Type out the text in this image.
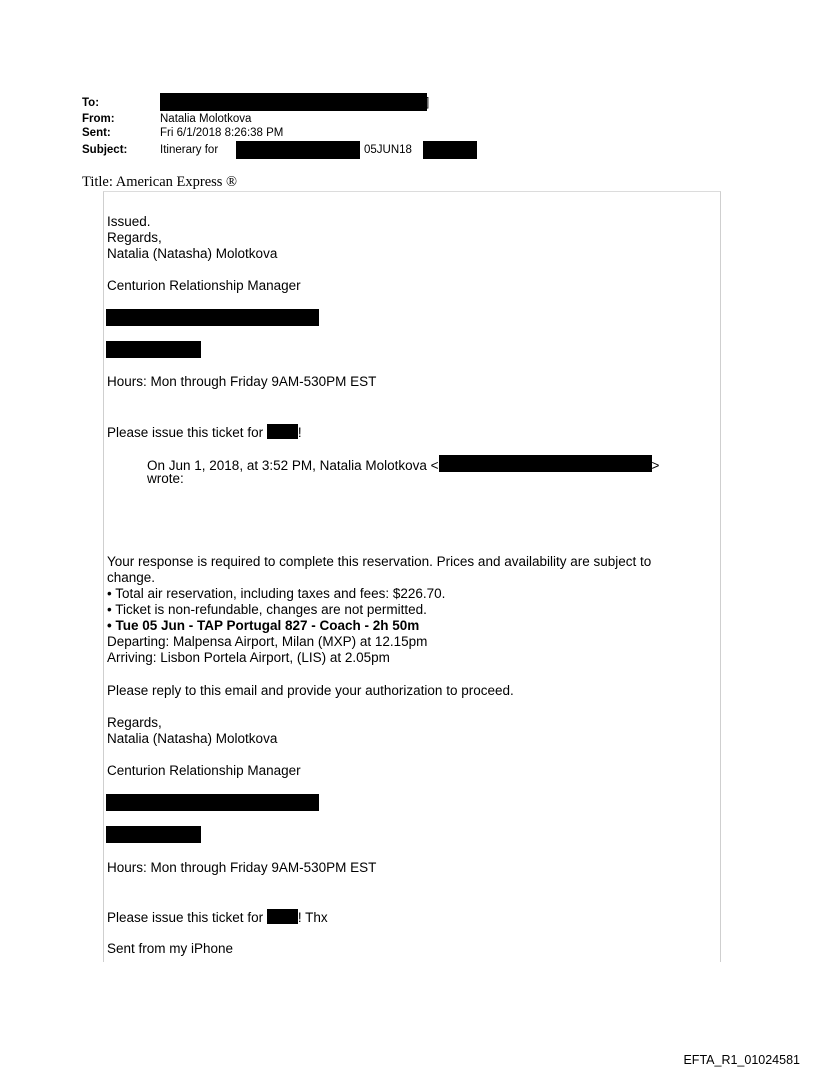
To:	]
From:	Natalia Molotkova
Sent:	Fri 6/1/2018 8:26:38 PM
Subject:	Itinerary for	05JUN18
Title: American Express ®
Issued.
Regards,
Natalia (Natasha) Molotkova
Centurion Relationship Manager
Hours: Mon through Friday 9AM-530PM EST
Please issue this ticket for !
On Jun 1, 2018, at 3:52 PM, Natalia Molotkova <	>
wrote:
Your response is required to complete this reservation. Prices and availability are subject to
change.
• Total air reservation, including taxes and fees: $226.70.
• Ticket is non-refundable, changes are not permitted.
• Tue 05 Jun - TAP Portugal 827 - Coach - 2h 50m
Departing: Malpensa Airport, Milan (MXP) at 12.15pm
Arriving: Lisbon Portela Airport, (LIS) at 2.05pm
Please reply to this email and provide your authorization to proceed.
Regards,
Natalia (Natasha) Molotkova
Centurion Relationship Manager
Hours: Mon through Friday 9AM-530PM EST
Please issue this ticket for ! Thx
Sent from my iPhone
EFTA_R1_01024581
